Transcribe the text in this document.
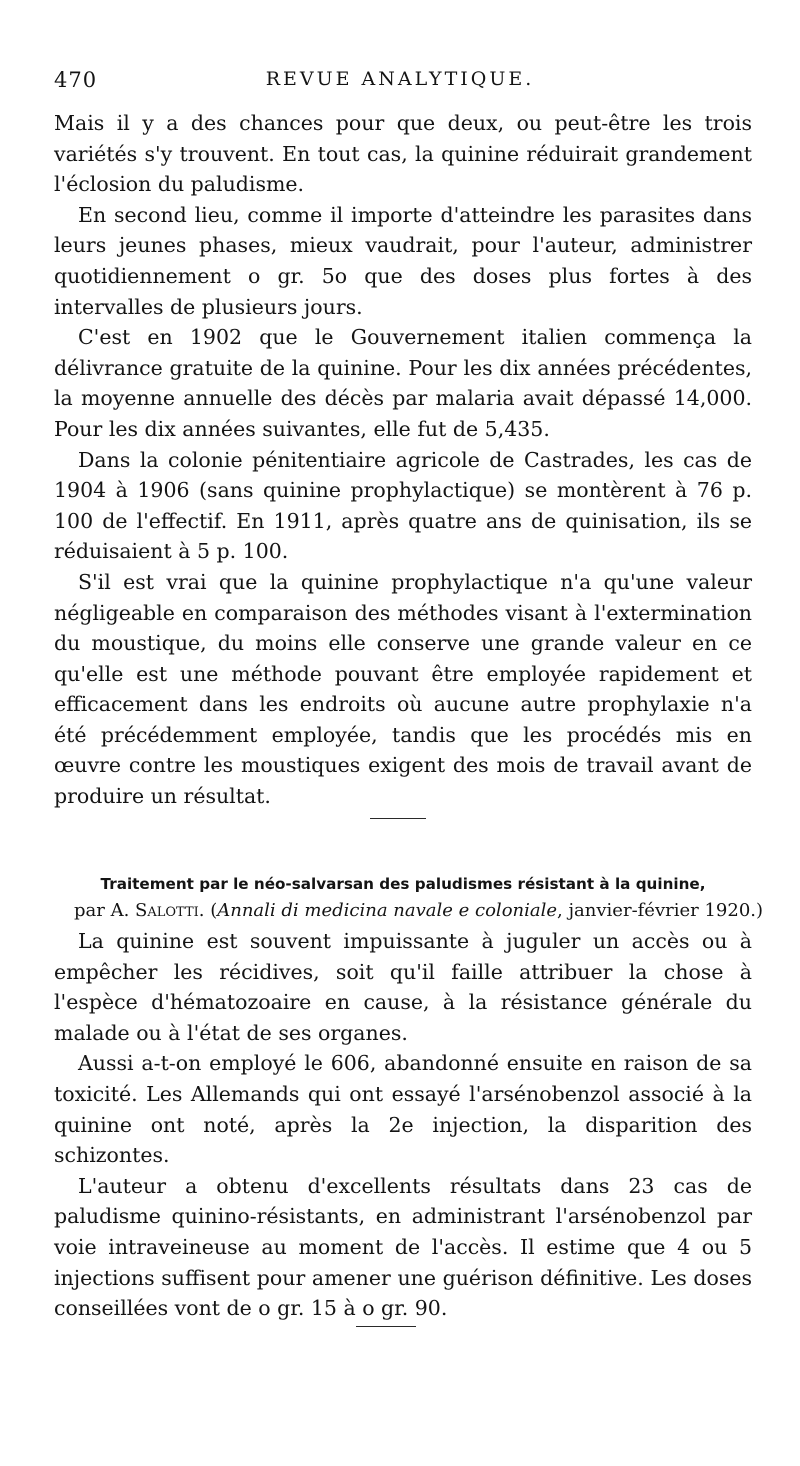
470	REVUE ANALYTIQUE.

Mais il y a des chances pour que deux, ou peut-être les trois variétés s'y trouvent. En tout cas, la quinine réduirait grandement l'éclosion du paludisme.

En second lieu, comme il importe d'atteindre les parasites dans leurs jeunes phases, mieux vaudrait, pour l'auteur, administrer quotidiennement o gr. 5o que des doses plus fortes à des intervalles de plusieurs jours.

C'est en 1902 que le Gouvernement italien commença la délivrance gratuite de la quinine. Pour les dix années précédentes, la moyenne annuelle des décès par malaria avait dépassé 14,000. Pour les dix années suivantes, elle fut de 5,435.

Dans la colonie pénitentiaire agricole de Castrades, les cas de 1904 à 1906 (sans quinine prophylactique) se montèrent à 76 p. 100 de l'effectif. En 1911, après quatre ans de quinisation, ils se réduisaient à 5 p. 100.

S'il est vrai que la quinine prophylactique n'a qu'une valeur négligeable en comparaison des méthodes visant à l'extermination du moustique, du moins elle conserve une grande valeur en ce qu'elle est une méthode pouvant être employée rapidement et efficacement dans les endroits où aucune autre prophylaxie n'a été précédemment employée, tandis que les procédés mis en œuvre contre les moustiques exigent des mois de travail avant de produire un résultat.

Traitement par le néo-salvarsan des paludismes résistant à la quinine,
par A. Salotti. (Annali di medicina navale e coloniale, janvier-février 1920.)

La quinine est souvent impuissante à juguler un accès ou à empêcher les récidives, soit qu'il faille attribuer la chose à l'espèce d'hématozoaire en cause, à la résistance générale du malade ou à l'état de ses organes.

Aussi a-t-on employé le 606, abandonné ensuite en raison de sa toxicité. Les Allemands qui ont essayé l'arsénobenzol associé à la quinine ont noté, après la 2e injection, la disparition des schizontes.

L'auteur a obtenu d'excellents résultats dans 23 cas de paludisme quinino-résistants, en administrant l'arsénobenzol par voie intraveineuse au moment de l'accès. Il estime que 4 ou 5 injections suffisent pour amener une guérison définitive. Les doses conseillées vont de o gr. 15 à o gr. 90.
